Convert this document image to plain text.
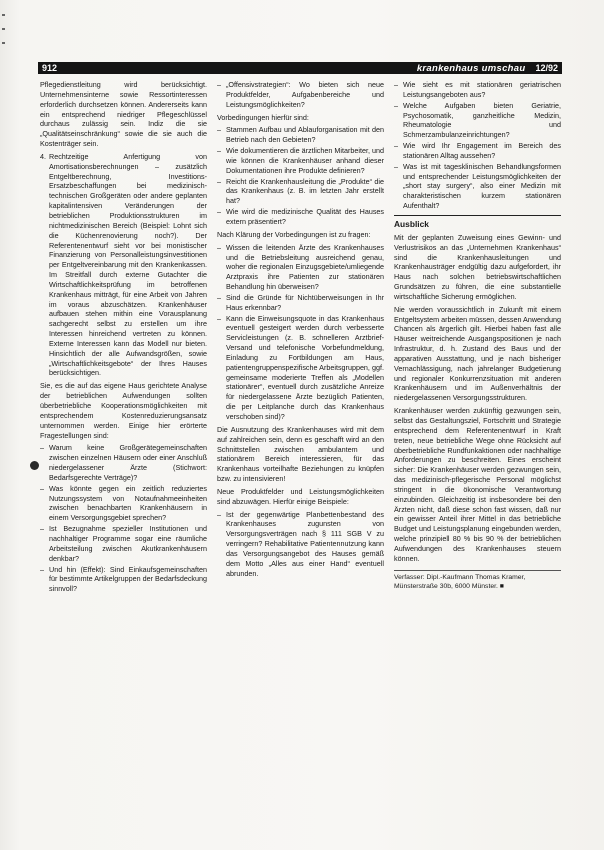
912	krankenhaus umschau 12/92

Pflegedienstleitung wird berücksichtigt. Unternehmensinterne sowie Ressortinteressen erforderlich durchsetzen können. Andererseits kann ein entsprechend niedriger Pflegeschlüssel durchaus zulässig sein. Indiz die sie „Qualitätseinschränkung“ sowie die sie auch die Kostenträger sein.

4. Rechtzeitige Anfertigung von Amortisationsberechnungen – zusätzlich Entgeltberechnung, Investitions-Ersatzbeschaffungen bei medizinisch-technischen Großgeräten oder andere geplanten kapitalintensiven Veränderungen der betrieblichen Produktionsstrukturen im nichtmedizinischen Bereich (Beispiel: Lohnt sich die Küchenrenovierung noch?). Der Referentenentwurf sieht vor bei monistischer Finanzierung von Personalleistungsinvestitionen per Entgeltvereinbarung mit den Krankenkassen. Im Streitfall durch externe Gutachter die Wirtschaftlichkeitsprüfung im betroffenen Krankenhaus mitträgt, für eine Arbeit von Jahren im voraus abzuschätzen. Krankenhäuser aufbauen stehen mithin eine Vorausplanung sachgerecht selbst zu erstellen um ihre Interessen hinreichend vertreten zu können. Externe Interessen kann das Modell nur bieten. Hinsichtlich der alle Aufwandsgrößen, sowie „Wirtschaftlichkeitsgebote“ der Ihres Hauses berücksichtigen.

Sie, es die auf das eigene Haus gerichtete Analyse der betrieblichen Aufwendungen sollten überbetriebliche Kooperationsmöglichkeiten mit entsprechendem Kostenreduzierungsansatz unternommen werden. Einige hier erörterte Fragestellungen sind:

– Warum keine Großgerätegemeinschaften zwischen einzelnen Häusern oder einer Anschluß niedergelassener Ärzte (Stichwort: Bedarfsgerechte Verträge)?
– Was könnte gegen ein zeitlich reduziertes Nutzungssystem von Notaufnahmeeinheiten zwischen benachbarten Krankenhäusern in einem Versorgungsgebiet sprechen?
– Ist Bezugnahme spezieller Institutionen und nachhaltiger Programme sogar eine räumliche Arbeitsteilung zwischen Akutkrankenhäusern denkbar?
– Und hin (Effekt): Sind Einkaufsgemeinschaften für bestimmte Artikelgruppen der Bedarfsdeckung sinnvoll?
– „Offensivstrategien“: Wo bieten sich neue Produktfelder, Aufgabenbereiche und Leistungsmöglichkeiten?

Vorbedingungen hierfür sind:

– Stammen Aufbau und Ablauforganisation mit den Betrieb nach den Gebieten?
– Wie dokumentieren die ärztlichen Mitarbeiter, und wie können die Krankenhäuser anhand dieser Dokumentationen ihre Produkte definieren?
– Reicht die Krankenhausleitung die „Produkte“ die das Krankenhaus (z. B. im letzten Jahr erstellt hat?
– Wie wird die medizinische Qualität des Hauses extern präsentiert?

Nach Klärung der Vorbedingungen ist zu fragen:

– Wissen die leitenden Ärzte des Krankenhauses und die Betriebsleitung ausreichend genau, woher die regionalen Einzugsgebiete/umliegende Arztpraxis ihre Patienten zur stationären Behandlung hin überweisen?
– Sind die Gründe für Nichtüberweisungen in Ihr Haus erkennbar?
– Kann die Einweisungsquote in das Krankenhaus eventuell gesteigert werden durch verbesserte Servicleistungen (z. B. schnelleren Arztbrief-Versand und telefonische Vorbefundmeldung, Einladung zu Fortbildungen am Haus, patientengruppenspezifische Arbeitsgruppen, ggf. gemeinsame moderierte Treffen als „Modellen stationärer“, eventuell durch zusätzliche Anreize für niedergelassene Ärzte bezüglich Patienten, die per Leitplanche durch das Krankenhaus verschoben sind)?

Die Ausnutzung des Krankenhauses wird mit dem auf zahlreichen sein, denn es geschafft wird an den Schnittstellen zwischen ambulantem und stationärem Bereich interessieren, für das Krankenhaus vorteilhafte Beziehungen zu knüpfen bzw. zu intensivieren!

Neue Produktfelder und Leistungsmöglichkeiten sind abzuwägen. Hierfür einige Beispiele:

– Ist der gegenwärtige Planbettenbestand des Krankenhauses zugunsten von Versorgungsverträgen nach § 111 SGB V zu verringern? Rehabilitative Patientennutzung kann das Versorgungsangebot des Hauses gemäß dem Motto „Alles aus einer Hand“ eventuell abrunden.
– Wie sieht es mit stationären geriatrischen Leistungsangeboten aus?
– Welche Aufgaben bieten Geriatrie, Psychosomatik, ganzheitliche Medizin, Rheumatologie und Schmerzambulanzeinrichtungen?
– Wie wird Ihr Engagement im Bereich des stationären Alltag aussehen?
– Was ist mit tagesklinischen Behandlungsformen und entsprechender Leistungsmöglichkeiten der „short stay surgery“, also einer Medizin mit charakteristischen kurzem stationären Aufenthalt?
Ausblick

Mit der geplanten Zuweisung eines Gewinn- und Verlustrisikos an das „Unternehmen Krankenhaus“ sind die Krankenhausleitungen und Krankenhausträger endgültig dazu aufgefordert, ihr Haus nach solchen betriebswirtschaftlichen Grundsätzen zu führen, die eine substantielle wirtschaftliche Sicherung ermöglichen.

Nie werden voraussichtlich in Zukunft mit einem Entgeltsystem arbeiten müssen, dessen Anwendung Chancen als ärgerlich gilt. Hierbei haben fast alle Häuser weitreichende Ausgangspositionen je nach Infrastruktur, d. h. Zustand des Baus und der apparativen Ausstattung, und je nach bisheriger Vernachlässigung, nach jahrelanger Budgetierung und regionaler Konkurrenzsituation mit anderen Krankenhäusern und im Außenverhältnis der niedergelassenen Versorgungsstrukturen.

Krankenhäuser werden zukünftig gezwungen sein, selbst das Gestaltungsziel, Fortschritt und Strategie entsprechend dem Referentenentwurf in Kraft treten, neue betriebliche Wege ohne Rücksicht auf überbetriebliche Rundfunkaktionen oder nachhaltige Anforderungen zu beschreiten. Eines erscheint sicher: Die Krankenhäuser werden gezwungen sein, das medizinisch-pflegerische Personal möglichst stringent in die ökonomische Verantwortung einzubinden. Gleichzeitig ist insbesondere bei den Ärzten nicht, daß diese schon fast wissen, daß nur ein gewisser Anteil ihrer Mittel in das betriebliche Budget und Leistungsplanung eingebunden werden, welche prinzipiell 80 % bis 90 % der betrieblichen Aufwendungen des Krankenhauses steuern können.

Verfasser: Dipl.-Kaufmann Thomas Kramer, Münsterstraße 30b, 6000 Münster. ■
